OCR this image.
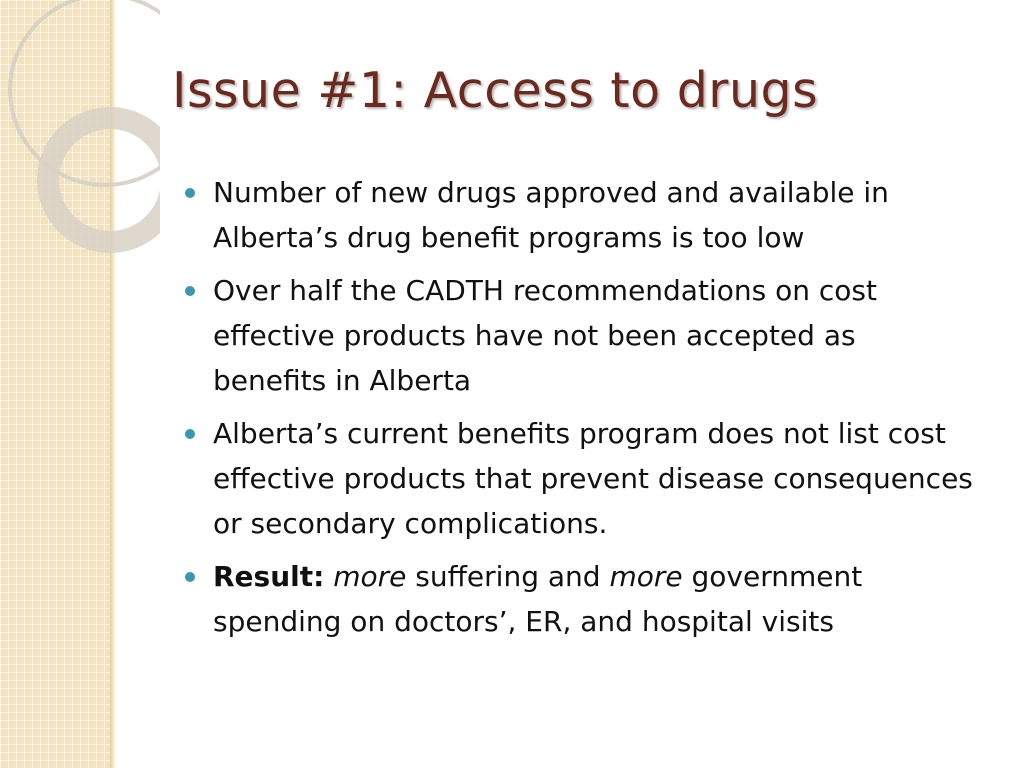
Issue #1: Access to drugs
Number of new drugs approved and available in Alberta’s drug benefit programs is too low
Over half the CADTH recommendations on cost effective products have not been accepted as benefits in Alberta
Alberta’s current benefits program does not list cost effective products that prevent disease consequences or secondary complications.
Result: more suffering and more government spending on doctors’, ER, and hospital visits
